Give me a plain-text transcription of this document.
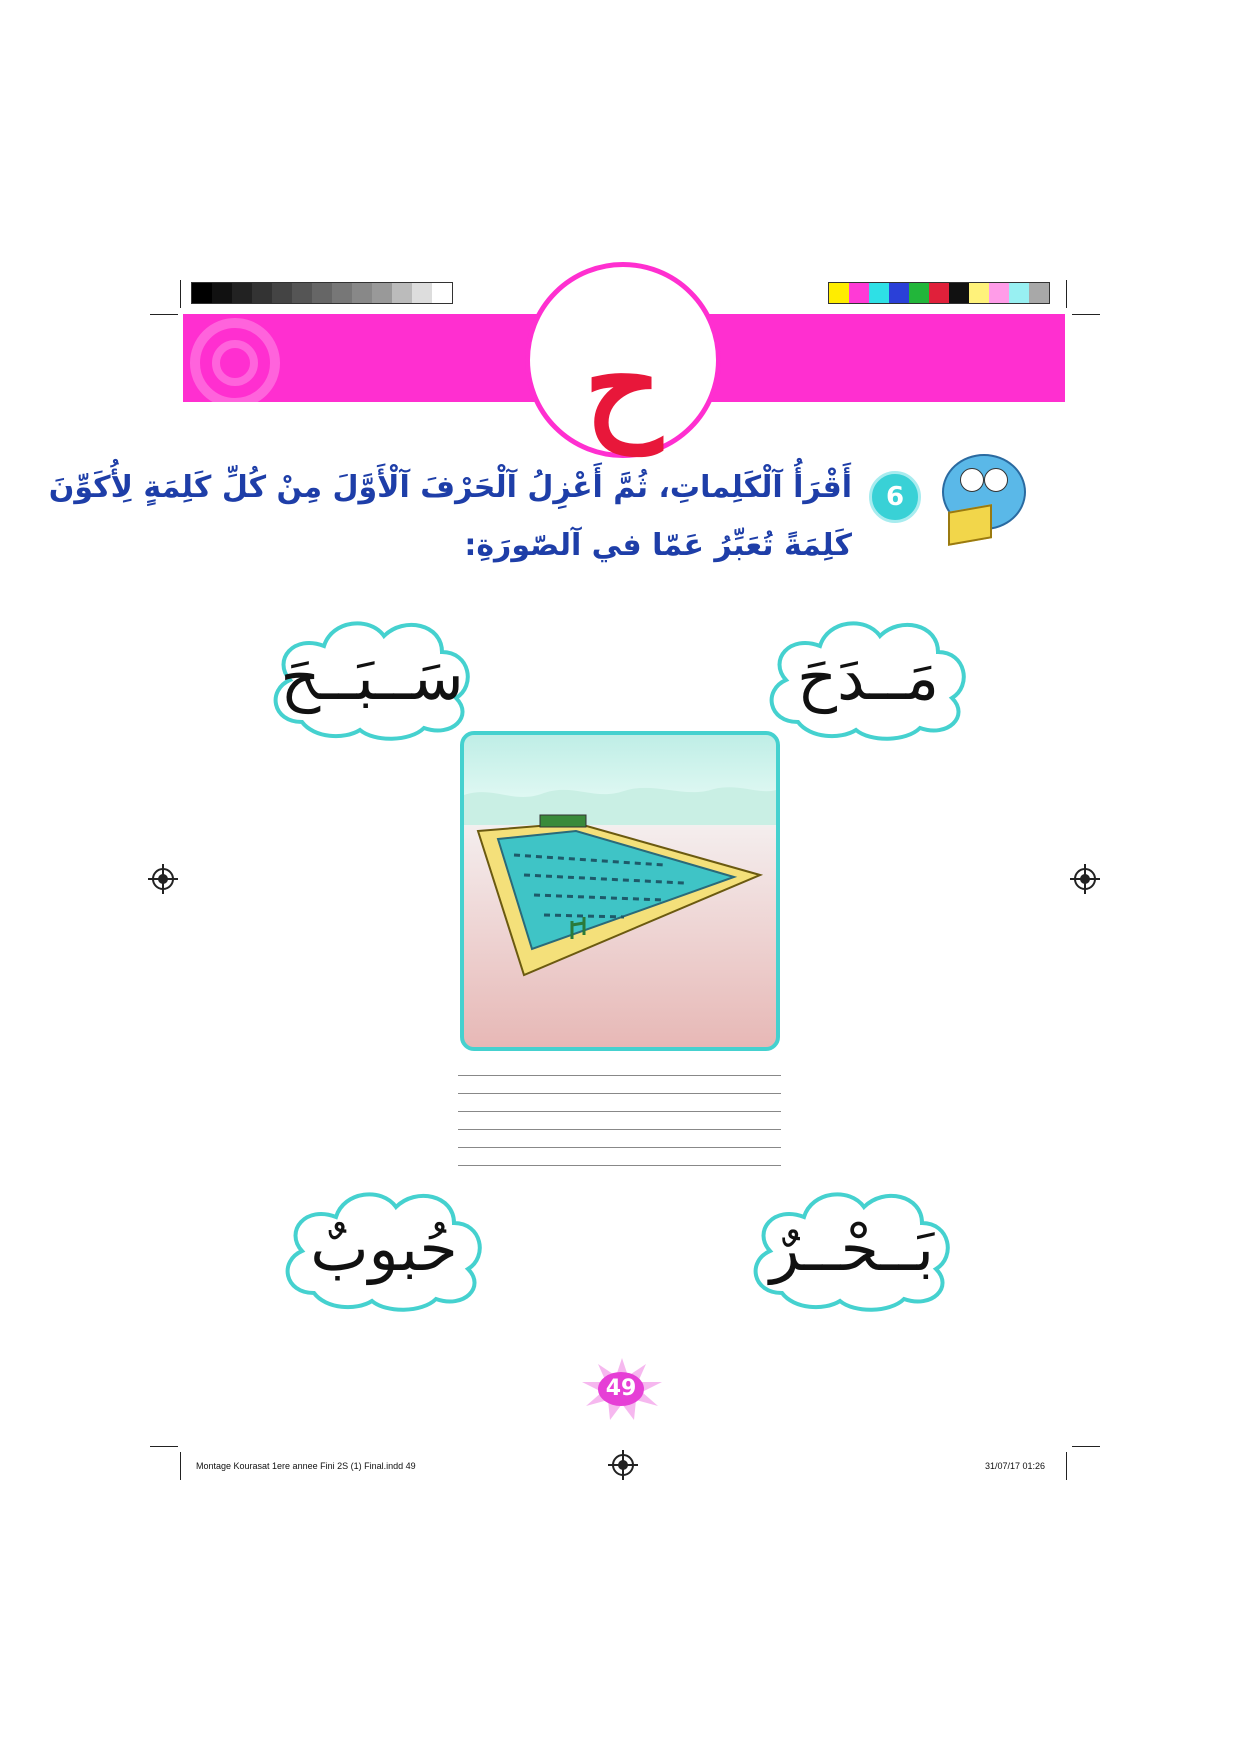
ح
6
أَقْرَأُ آلْكَلِماتِ، ثُمَّ أَعْزِلُ آلْحَرْفَ آلْأَوَّلَ مِنْ كُلِّ كَلِمَةٍ لِأُكَوِّنَ
كَلِمَةً تُعَبِّرُ عَمّا في آلصّورَةِ:
سَــبَــحَ	مَــدَحَ
حُبوبٌ	بَــحْــرٌ
49
Montage Kourasat 1ere annee Fini 2S (1) Final.indd 49	31/07/17 01:26
